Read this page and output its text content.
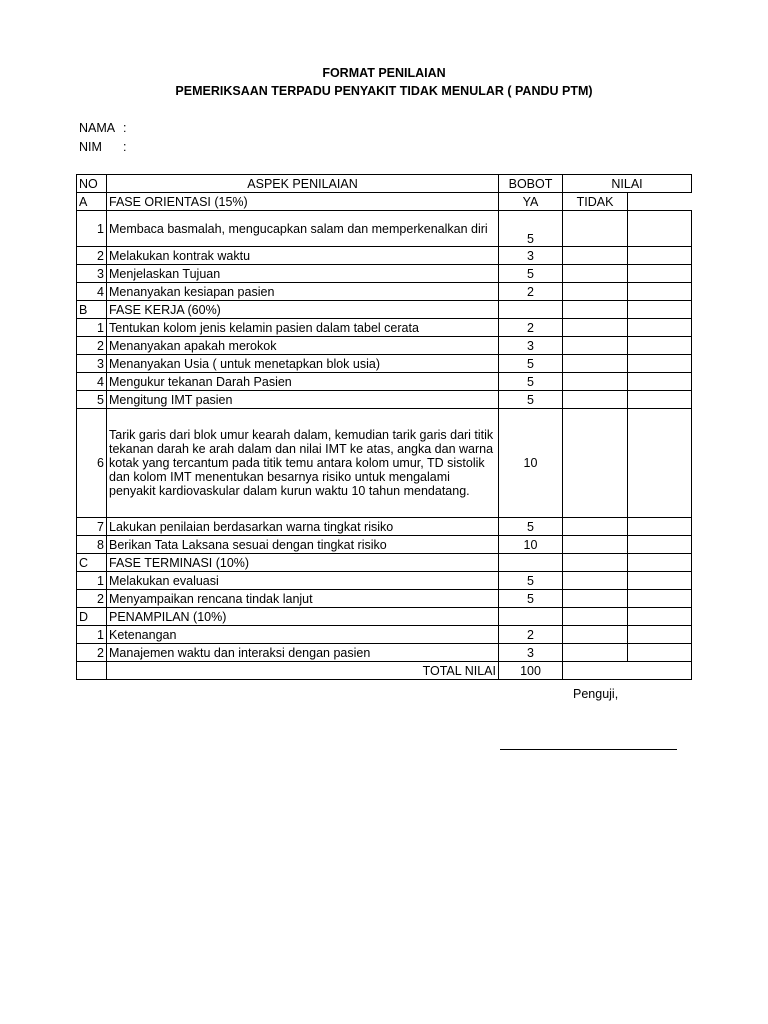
FORMAT PENILAIAN
PEMERIKSAAN TERPADU PENYAKIT TIDAK MENULAR ( PANDU PTM)
NAMA :
NIM :
NO	ASPEK PENILAIAN	BOBOT	NILAI	
A	FASE ORIENTASI (15%)	YA	TIDAK	
1	Membaca basmalah, mengucapkan salam dan memperkenalkan diri	5		
2	Melakukan kontrak waktu	3		
3	Menjelaskan Tujuan	5		
4	Menanyakan kesiapan pasien	2		
B	FASE KERJA (60%)			
1	Tentukan kolom jenis kelamin pasien dalam tabel cerata	2		
2	Menanyakan apakah merokok	3		
3	Menanyakan Usia ( untuk menetapkan blok usia)	5		
4	Mengukur tekanan Darah Pasien	5		
5	Mengitung IMT pasien	5		
6	Tarik garis dari blok umur kearah dalam, kemudian tarik garis dari titik tekanan darah ke arah dalam dan nilai IMT ke atas, angka dan warna kotak yang tercantum pada titik temu antara kolom umur, TD sistolik dan kolom IMT menentukan besarnya risiko untuk mengalami penyakit kardiovaskular dalam kurun waktu 10 tahun mendatang.	10		
7	Lakukan penilaian berdasarkan warna tingkat risiko	5		
8	Berikan Tata Laksana sesuai dengan tingkat risiko	10		
C	FASE TERMINASI (10%)			
1	Melakukan evaluasi	5		
2	Menyampaikan rencana tindak lanjut	5		
D	PENAMPILAN (10%)			
1	Ketenangan	2		
2	Manajemen waktu dan interaksi dengan pasien	3		
	TOTAL NILAI	100		
Penguji,
